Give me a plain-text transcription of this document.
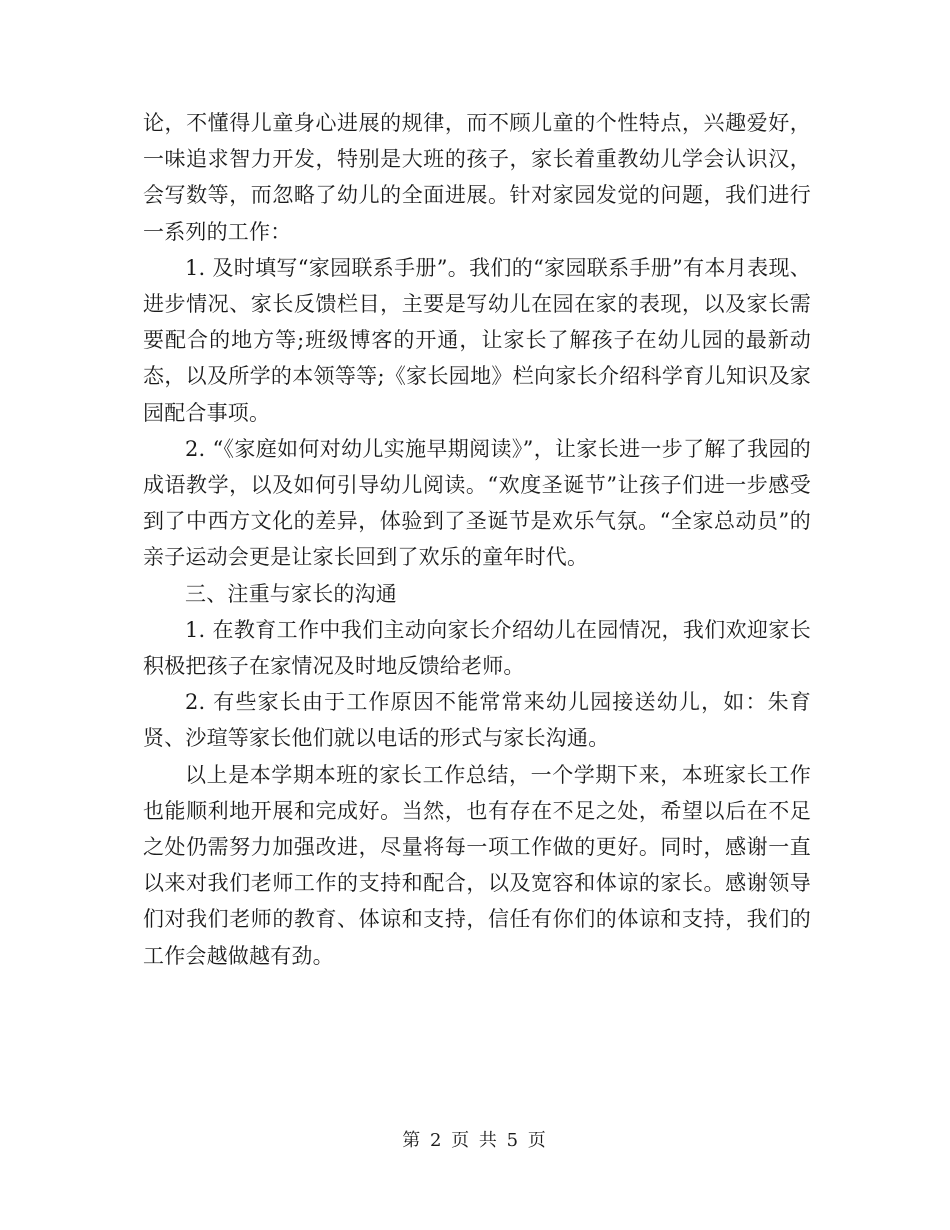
论，不懂得儿童身心进展的规律，而不顾儿童的个性特点，兴趣爱好，一味追求智力开发，特别是大班的孩子，家长着重教幼儿学会认识汉，会写数等，而忽略了幼儿的全面进展。针对家园发觉的问题，我们进行一系列的工作：

1. 及时填写“家园联系手册”。我们的“家园联系手册”有本月表现、进步情况、家长反馈栏目，主要是写幼儿在园在家的表现，以及家长需要配合的地方等;班级博客的开通，让家长了解孩子在幼儿园的最新动态，以及所学的本领等等;《家长园地》栏向家长介绍科学育儿知识及家园配合事项。

2. “《家庭如何对幼儿实施早期阅读》”，让家长进一步了解了我园的成语教学，以及如何引导幼儿阅读。“欢度圣诞节”让孩子们进一步感受到了中西方文化的差异，体验到了圣诞节是欢乐气氛。“全家总动员”的亲子运动会更是让家长回到了欢乐的童年时代。

三、注重与家长的沟通

1. 在教育工作中我们主动向家长介绍幼儿在园情况，我们欢迎家长积极把孩子在家情况及时地反馈给老师。

2. 有些家长由于工作原因不能常常来幼儿园接送幼儿，如：朱育贤、沙瑄等家长他们就以电话的形式与家长沟通。

以上是本学期本班的家长工作总结，一个学期下来，本班家长工作也能顺利地开展和完成好。当然，也有存在不足之处，希望以后在不足之处仍需努力加强改进，尽量将每一项工作做的更好。同时，感谢一直以来对我们老师工作的支持和配合，以及宽容和体谅的家长。感谢领导们对我们老师的教育、体谅和支持，信任有你们的体谅和支持，我们的工作会越做越有劲。

第 2 页 共 5 页
